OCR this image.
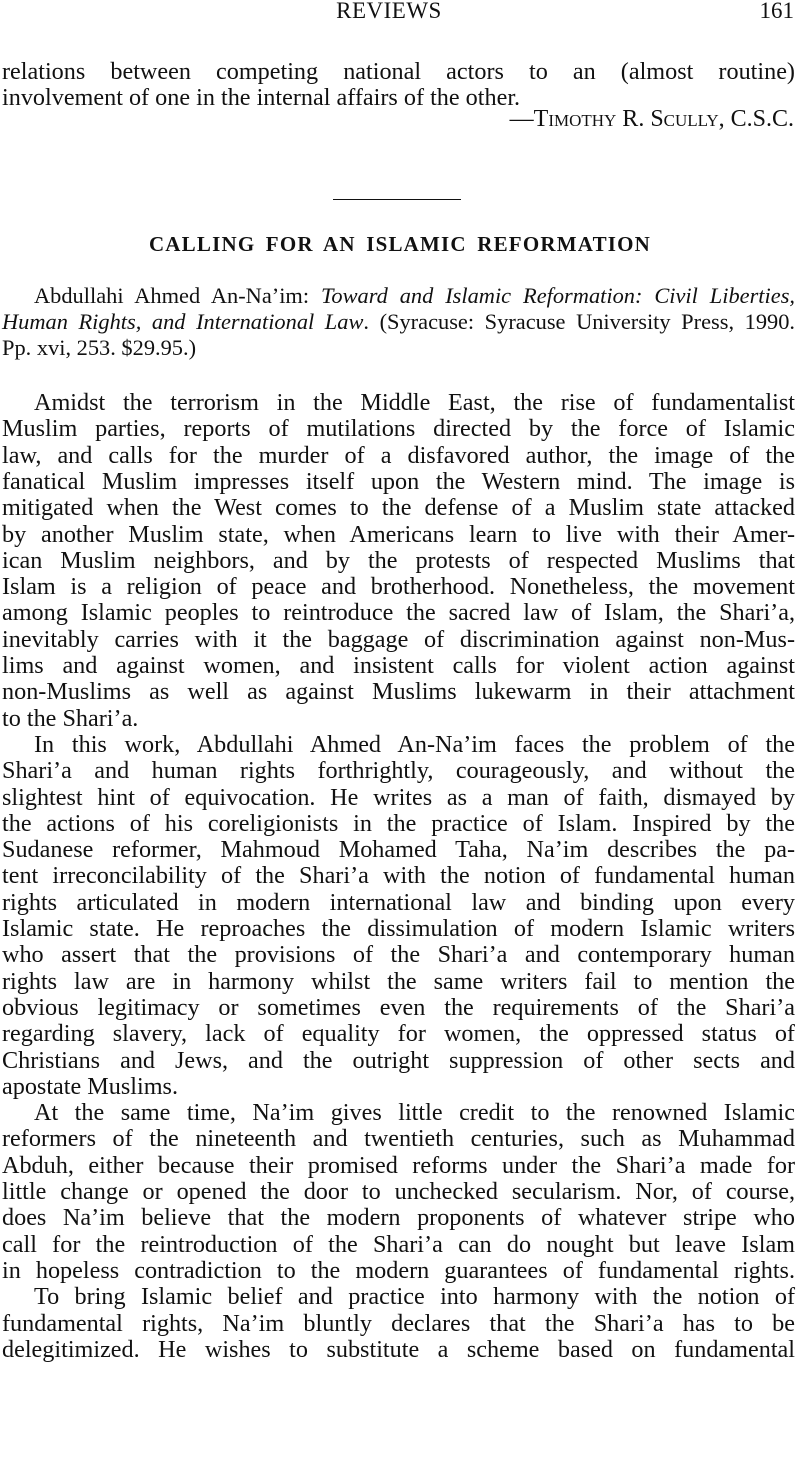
REVIEWS	161
relations between competing national actors to an (almost routine)
involvement of one in the internal affairs of the other.
—Timothy R. Scully, C.S.C.
CALLING FOR AN ISLAMIC REFORMATION
Abdullahi Ahmed An-Na’im: Toward and Islamic Reformation: Civil Liberties,
Human Rights, and International Law. (Syracuse: Syracuse University Press, 1990.
Pp. xvi, 253. $29.95.)
Amidst the terrorism in the Middle East, the rise of fundamentalist
Muslim parties, reports of mutilations directed by the force of Islamic
law, and calls for the murder of a disfavored author, the image of the
fanatical Muslim impresses itself upon the Western mind. The image is
mitigated when the West comes to the defense of a Muslim state attacked
by another Muslim state, when Americans learn to live with their Amer-
ican Muslim neighbors, and by the protests of respected Muslims that
Islam is a religion of peace and brotherhood. Nonetheless, the movement
among Islamic peoples to reintroduce the sacred law of Islam, the Shari’a,
inevitably carries with it the baggage of discrimination against non-Mus-
lims and against women, and insistent calls for violent action against
non-Muslims as well as against Muslims lukewarm in their attachment
to the Shari’a.
In this work, Abdullahi Ahmed An-Na’im faces the problem of the
Shari’a and human rights forthrightly, courageously, and without the
slightest hint of equivocation. He writes as a man of faith, dismayed by
the actions of his coreligionists in the practice of Islam. Inspired by the
Sudanese reformer, Mahmoud Mohamed Taha, Na’im describes the pa-
tent irreconcilability of the Shari’a with the notion of fundamental human
rights articulated in modern international law and binding upon every
Islamic state. He reproaches the dissimulation of modern Islamic writers
who assert that the provisions of the Shari’a and contemporary human
rights law are in harmony whilst the same writers fail to mention the
obvious legitimacy or sometimes even the requirements of the Shari’a
regarding slavery, lack of equality for women, the oppressed status of
Christians and Jews, and the outright suppression of other sects and
apostate Muslims.
At the same time, Na’im gives little credit to the renowned Islamic
reformers of the nineteenth and twentieth centuries, such as Muhammad
Abduh, either because their promised reforms under the Shari’a made for
little change or opened the door to unchecked secularism. Nor, of course,
does Na’im believe that the modern proponents of whatever stripe who
call for the reintroduction of the Shari’a can do nought but leave Islam
in hopeless contradiction to the modern guarantees of fundamental rights.
To bring Islamic belief and practice into harmony with the notion of
fundamental rights, Na’im bluntly declares that the Shari’a has to be
delegitimized. He wishes to substitute a scheme based on fundamental
